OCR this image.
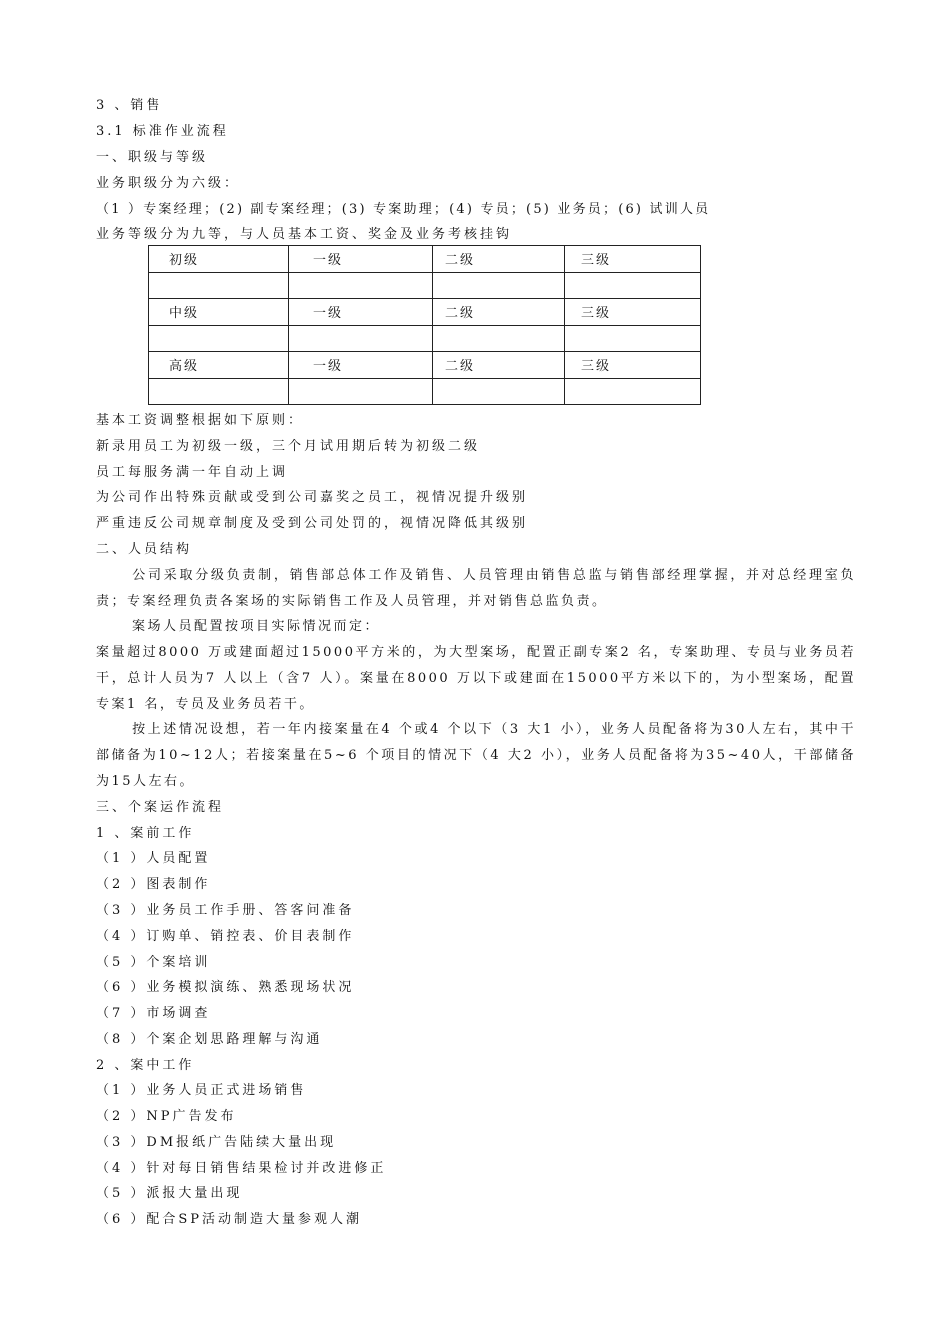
3 、销售
3.1 标准作业流程
一、职级与等级
业务职级分为六级：
（1 ）专案经理；(2) 副专案经理；(3) 专案助理；(4) 专员；(5) 业务员；(6) 试训人员
业务等级分为九等，与人员基本工资、奖金及业务考核挂钩
初级	一级	二级	三级

中级	一级	二级	三级

高级	一级	二级	三级

基本工资调整根据如下原则：
新录用员工为初级一级，三个月试用期后转为初级二级
员工每服务满一年自动上调
为公司作出特殊贡献或受到公司嘉奖之员工，视情况提升级别
严重违反公司规章制度及受到公司处罚的，视情况降低其级别
二、人员结构
公司采取分级负责制，销售部总体工作及销售、人员管理由销售总监与销售部经理掌握，并对总经理室负责；专案经理负责各案场的实际销售工作及人员管理，并对销售总监负责。
案场人员配置按项目实际情况而定：
案量超过8000 万或建面超过15000平方米的，为大型案场，配置正副专案2 名，专案助理、专员与业务员若干，总计人员为7 人以上（含7 人）。案量在8000 万以下或建面在15000平方米以下的，为小型案场，配置专案1 名，专员及业务员若干。
按上述情况设想，若一年内接案量在4 个或4 个以下（3 大1 小），业务人员配备将为30人左右，其中干部储备为10~12人；若接案量在5~6 个项目的情况下（4 大2 小），业务人员配备将为35~40人，干部储备为15人左右。
三、个案运作流程
1 、案前工作
（1 ）人员配置
（2 ）图表制作
（3 ）业务员工作手册、答客问准备
（4 ）订购单、销控表、价目表制作
（5 ）个案培训
（6 ）业务模拟演练、熟悉现场状况
（7 ）市场调查
（8 ）个案企划思路理解与沟通
2 、案中工作
（1 ）业务人员正式进场销售
（2 ）NP广告发布
（3 ）DM报纸广告陆续大量出现
（4 ）针对每日销售结果检讨并改进修正
（5 ）派报大量出现
（6 ）配合SP活动制造大量参观人潮
